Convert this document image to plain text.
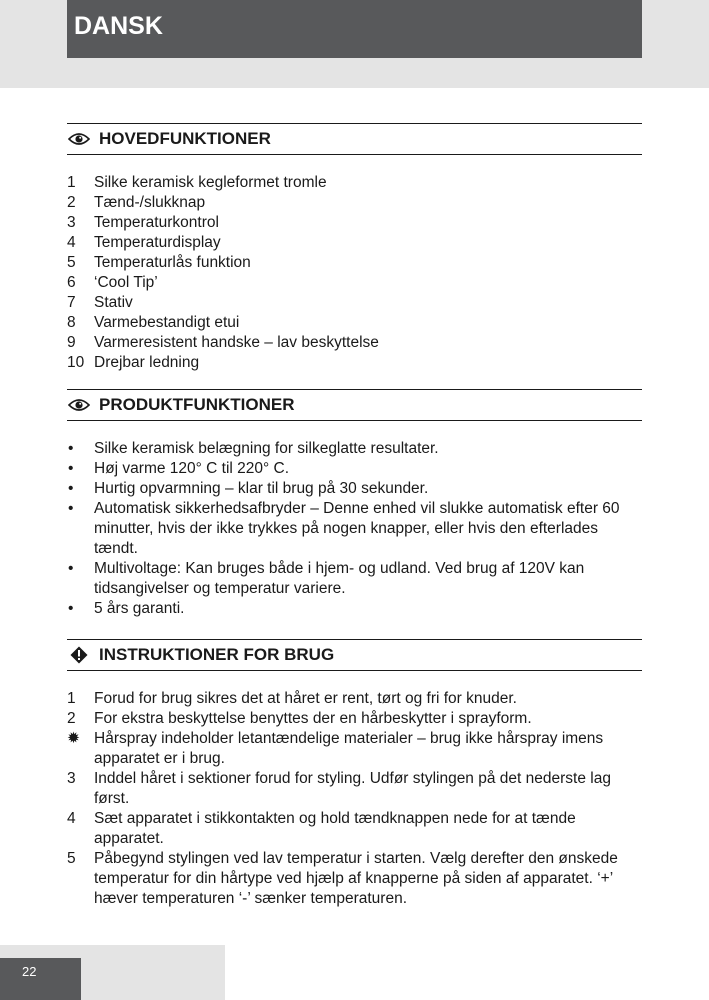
DANSK
HOVEDFUNKTIONER
1	Silke keramisk kegleformet tromle
2	Tænd-/slukknap
3	Temperaturkontrol
4	Temperaturdisplay
5	Temperaturlås funktion
6	‘Cool Tip’
7	Stativ
8	Varmebestandigt etui
9	Varmeresistent handske – lav beskyttelse
10 Drejbar ledning
PRODUKTFUNKTIONER
•	Silke keramisk belægning for silkeglatte resultater.
•	Høj varme 120° C til 220° C.
•	Hurtig opvarmning – klar til brug på 30 sekunder.
•	Automatisk sikkerhedsafbryder – Denne enhed vil slukke automatisk efter 60 minutter, hvis der ikke trykkes på nogen knapper, eller hvis den efterlades tændt.
•	Multivoltage: Kan bruges både i hjem- og udland. Ved brug af 120V kan tidsangivelser og temperatur variere.
•	5 års garanti.
INSTRUKTIONER FOR BRUG
1	Forud for brug sikres det at håret er rent, tørt og fri for knuder.
2	For ekstra beskyttelse benyttes der en hårbeskytter i sprayform.
✹ Hårspray indeholder letantændelige materialer – brug ikke hårspray imens apparatet er i brug.
3	Inddel håret i sektioner forud for styling. Udfør stylingen på det nederste lag først.
4	Sæt apparatet i stikkontakten og hold tændknappen nede for at tænde apparatet.
5	Påbegynd stylingen ved lav temperatur i starten. Vælg derefter den ønskede temperatur for din hårtype ved hjælp af knapperne på siden af apparatet. ‘+’ hæver temperaturen ‘-’ sænker temperaturen.
22
